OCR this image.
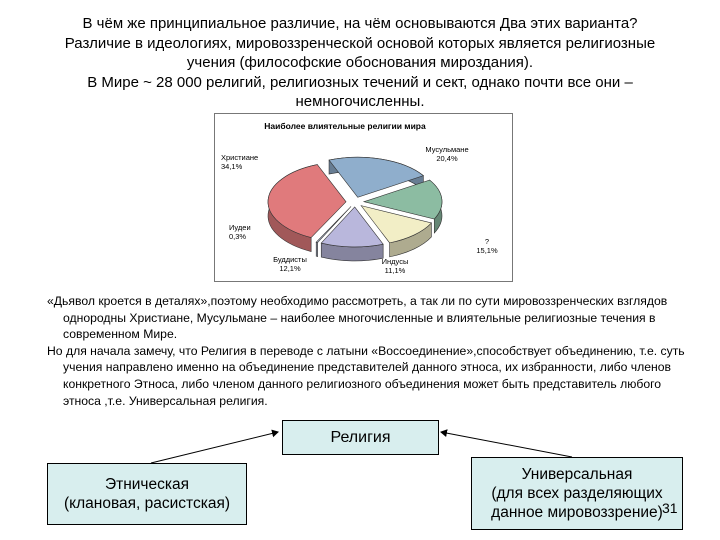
В чём же принципиальное различие, на чём основываются Два этих варианта?
Различие в идеологиях, мировоззренческой основой которых является религиозные
учения (философские обоснования мироздания).
В Мире ~ 28 000 религий, религиозных течений и сект, однако почти все они –
немногочисленны.
Наиболее влиятельные религии мира
Мусульмане
20,4%
?
15,1%
Индусы
11,1%
Буддисты
12,1%
Иудеи
0,3%
Христиане
34,1%

«Дьявол кроется в деталях»,поэтому необходимо рассмотреть, а так ли по сути мировоззренческих взглядов однородны Христиане, Мусульмане – наиболее многочисленные и влиятельные религиозные течения в современном Мире.

Но для начала замечу, что Религия в переводе с латыни «Воссоединение»,способствует объединению, т.е. суть учения направлено именно на объединение представителей данного этноса, их избранности, либо членов конкретного Этноса, либо членом данного религиозного объединения может быть представитель любого этноса ,т.е. Универсальная религия.

Религия
Этническая
(клановая, расистская)
Универсальная
(для всех разделяющих
данное мировоззрение) 31
